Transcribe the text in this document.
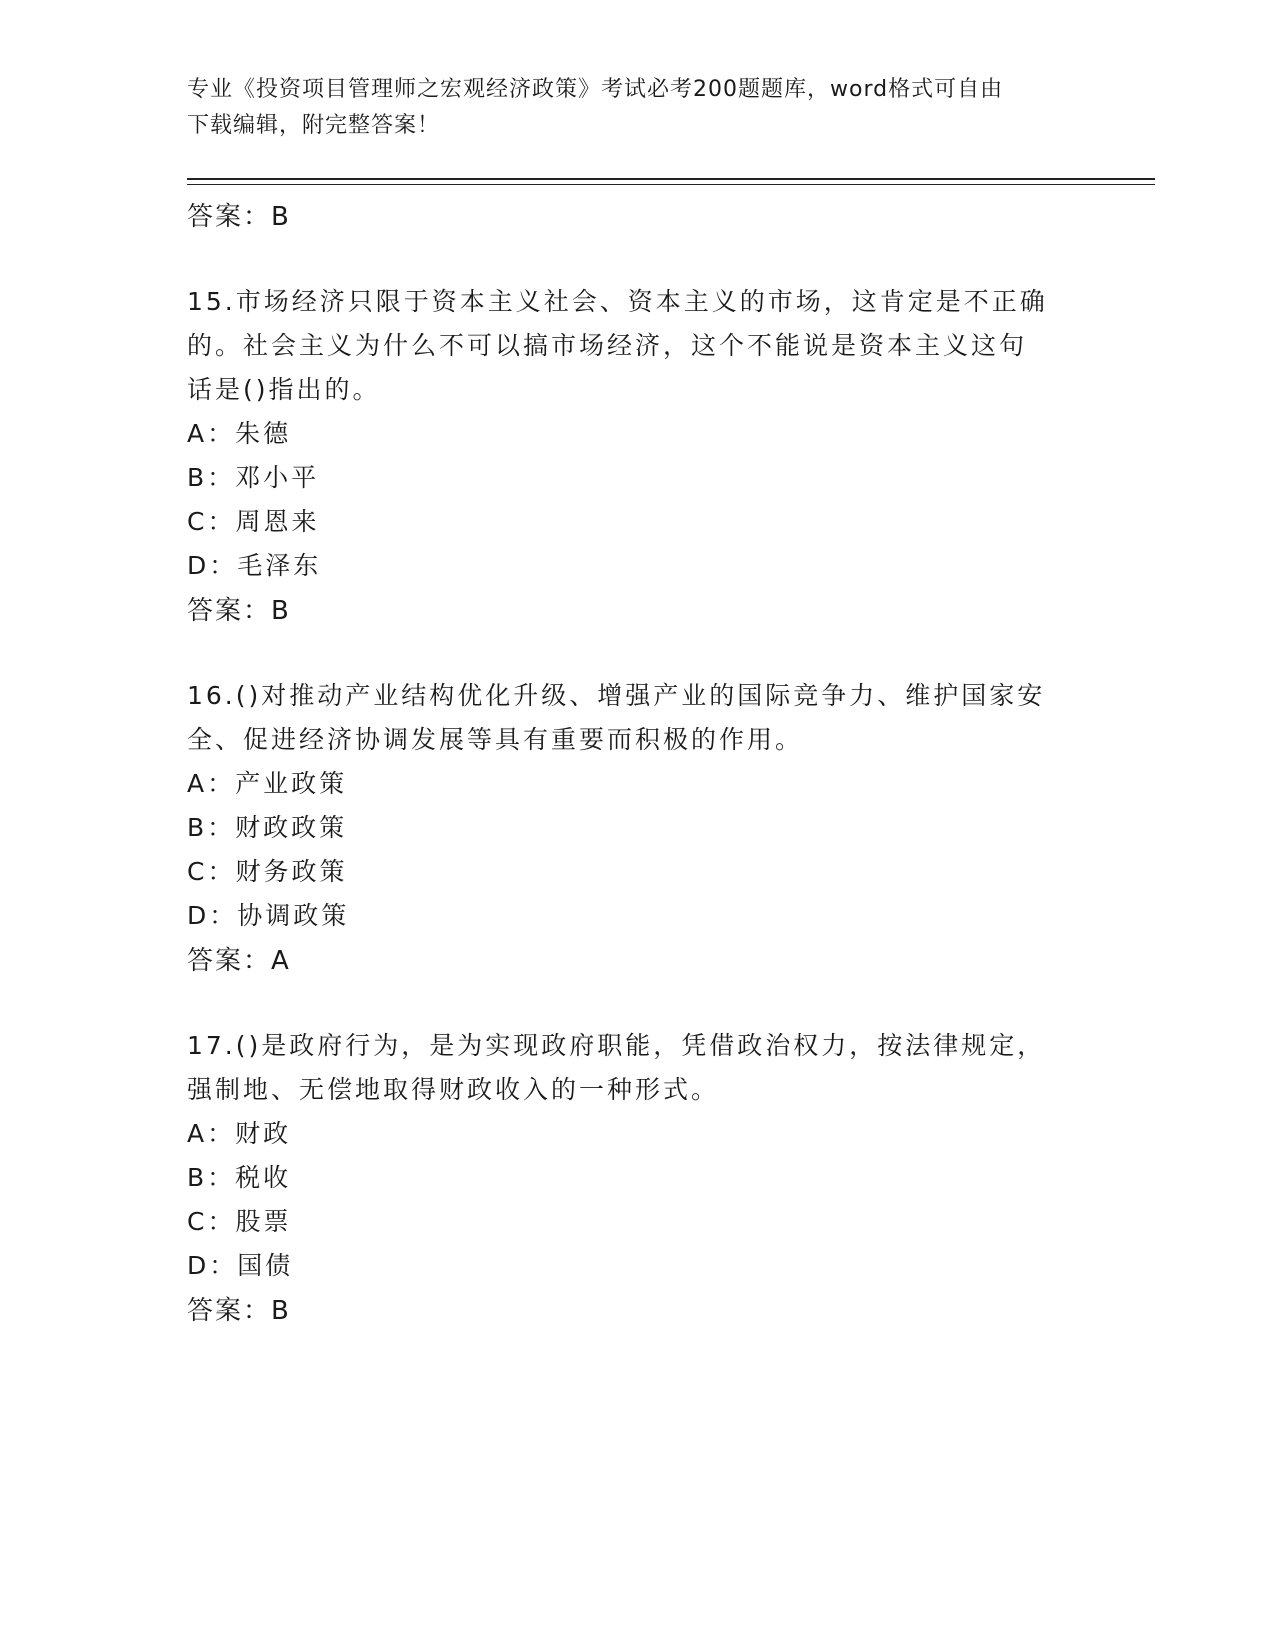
专业《投资项目管理师之宏观经济政策》考试必考200题题库，word格式可自由
下载编辑，附完整答案！
答案：B
15.市场经济只限于资本主义社会、资本主义的市场，这肯定是不正确
的。社会主义为什么不可以搞市场经济，这个不能说是资本主义这句
话是()指出的。
A：朱德
B：邓小平
C：周恩来
D：毛泽东
答案：B
16.()对推动产业结构优化升级、增强产业的国际竞争力、维护国家安
全、促进经济协调发展等具有重要而积极的作用。
A：产业政策
B：财政政策
C：财务政策
D：协调政策
答案：A
17.()是政府行为，是为实现政府职能，凭借政治权力，按法律规定，
强制地、无偿地取得财政收入的一种形式。
A：财政
B：税收
C：股票
D：国债
答案：B
